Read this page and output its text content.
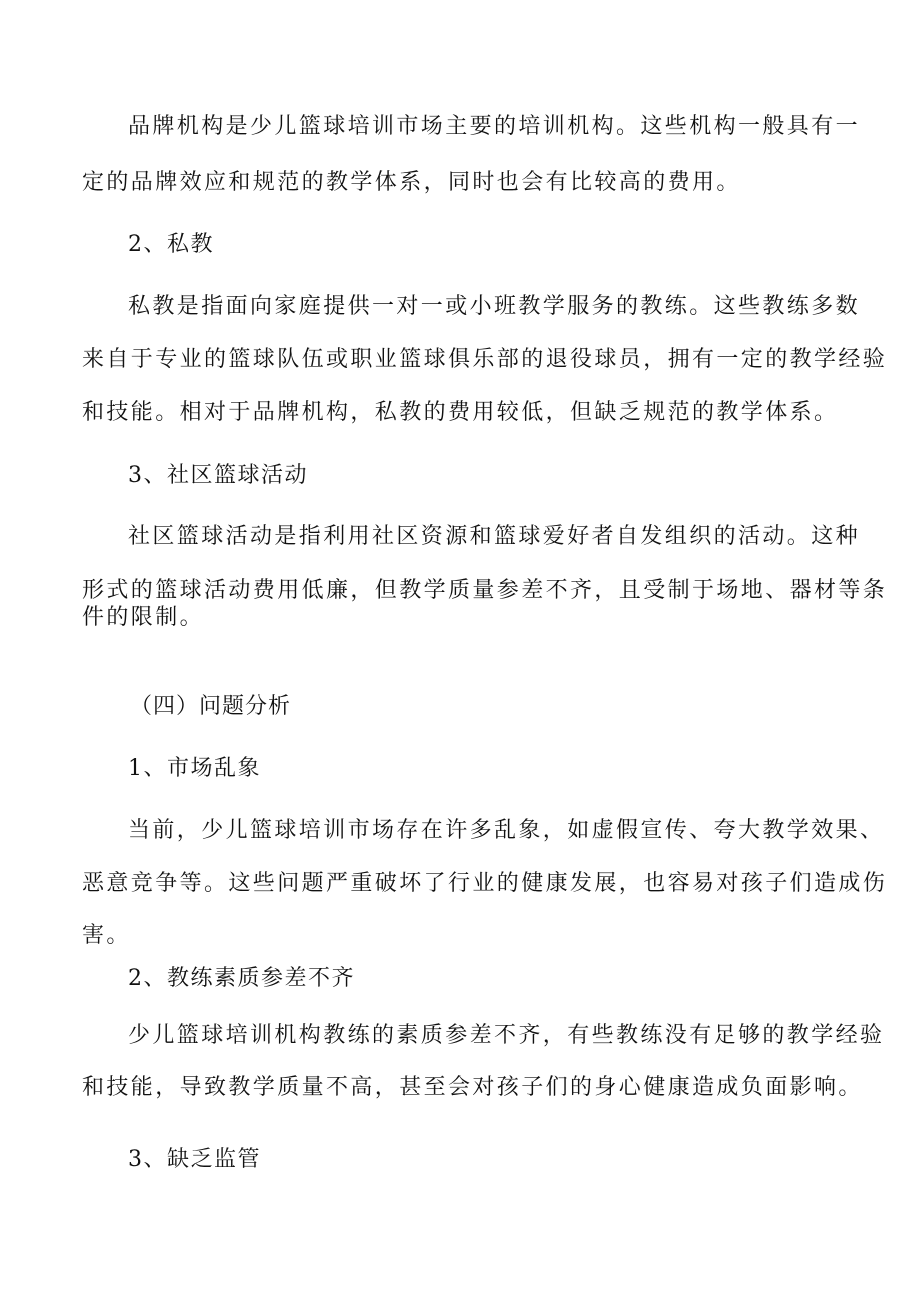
品牌机构是少儿篮球培训市场主要的培训机构。这些机构一般具有一
定的品牌效应和规范的教学体系，同时也会有比较高的费用。
2、私教
私教是指面向家庭提供一对一或小班教学服务的教练。这些教练多数
来自于专业的篮球队伍或职业篮球俱乐部的退役球员，拥有一定的教学经验
和技能。相对于品牌机构，私教的费用较低，但缺乏规范的教学体系。
3、社区篮球活动
社区篮球活动是指利用社区资源和篮球爱好者自发组织的活动。这种
形式的篮球活动费用低廉，但教学质量参差不齐，且受制于场地、器材等条
件的限制。
（四）问题分析
1、市场乱象
当前，少儿篮球培训市场存在许多乱象，如虚假宣传、夸大教学效果、
恶意竞争等。这些问题严重破坏了行业的健康发展，也容易对孩子们造成伤
害。
2、教练素质参差不齐
少儿篮球培训机构教练的素质参差不齐，有些教练没有足够的教学经验
和技能，导致教学质量不高，甚至会对孩子们的身心健康造成负面影响。
3、缺乏监管
